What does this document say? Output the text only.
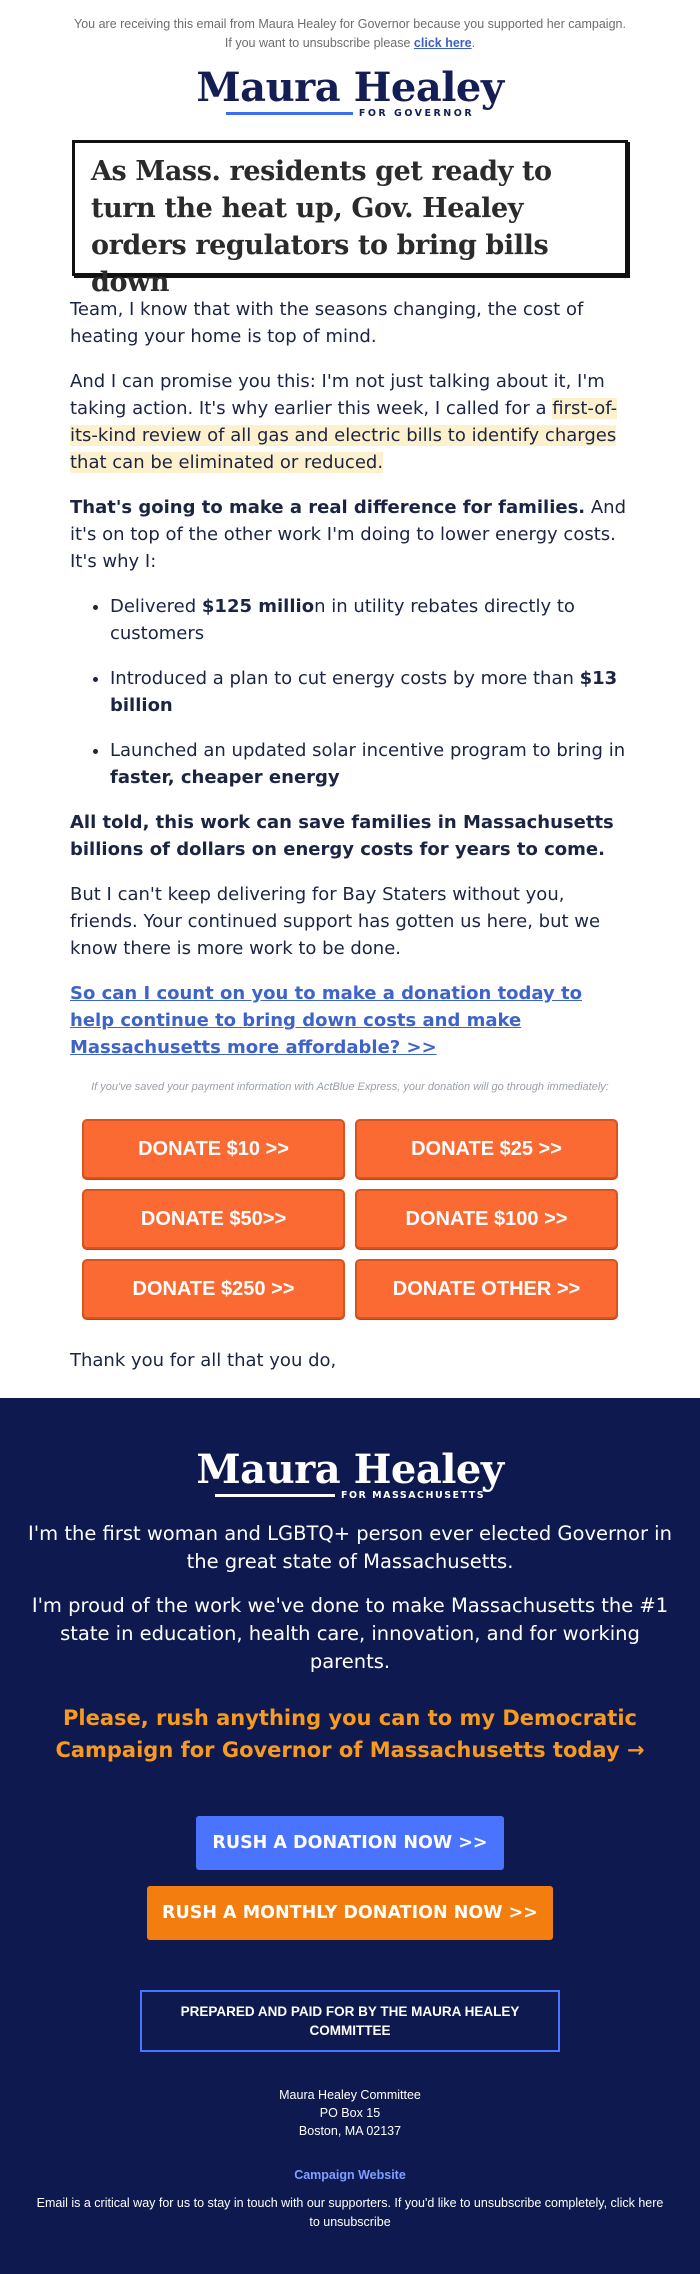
You are receiving this email from Maura Healey for Governor because you supported her campaign. If you want to unsubscribe please click here.
Maura Healey
FOR GOVERNOR
As Mass. residents get ready to turn the heat up, Gov. Healey orders regulators to bring bills down

Team, I know that with the seasons changing, the cost of heating your home is top of mind.

And I can promise you this: I'm not just talking about it, I'm taking action. It's why earlier this week, I called for a first-of-its-kind review of all gas and electric bills to identify charges that can be eliminated or reduced.

That's going to make a real difference for families. And it's on top of the other work I'm doing to lower energy costs. It's why I:

• Delivered $125 million in utility rebates directly to customers
• Introduced a plan to cut energy costs by more than $13 billion
• Launched an updated solar incentive program to bring in faster, cheaper energy

All told, this work can save families in Massachusetts billions of dollars on energy costs for years to come.

But I can't keep delivering for Bay Staters without you, friends. Your continued support has gotten us here, but we know there is more work to be done.

So can I count on you to make a donation today to help continue to bring down costs and make Massachusetts more affordable? >>
If you've saved your payment information with ActBlue Express, your donation will go through immediately:
DONATE $10 >>	DONATE $25 >>
DONATE $50>>	DONATE $100 >>
DONATE $250 >>	DONATE OTHER >>

Thank you for all that you do,

Maura Healey
FOR MASSACHUSETTS
I'm the first woman and LGBTQ+ person ever elected Governor in the great state of Massachusetts.
I'm proud of the work we've done to make Massachusetts the #1 state in education, health care, innovation, and for working parents.
Please, rush anything you can to my Democratic Campaign for Governor of Massachusetts today →
RUSH A DONATION NOW >>
RUSH A MONTHLY DONATION NOW >>
PREPARED AND PAID FOR BY THE MAURA HEALEY COMMITTEE
Maura Healey Committee
PO Box 15
Boston, MA 02137
Campaign Website
Email is a critical way for us to stay in touch with our supporters. If you'd like to unsubscribe completely, click here to unsubscribe
